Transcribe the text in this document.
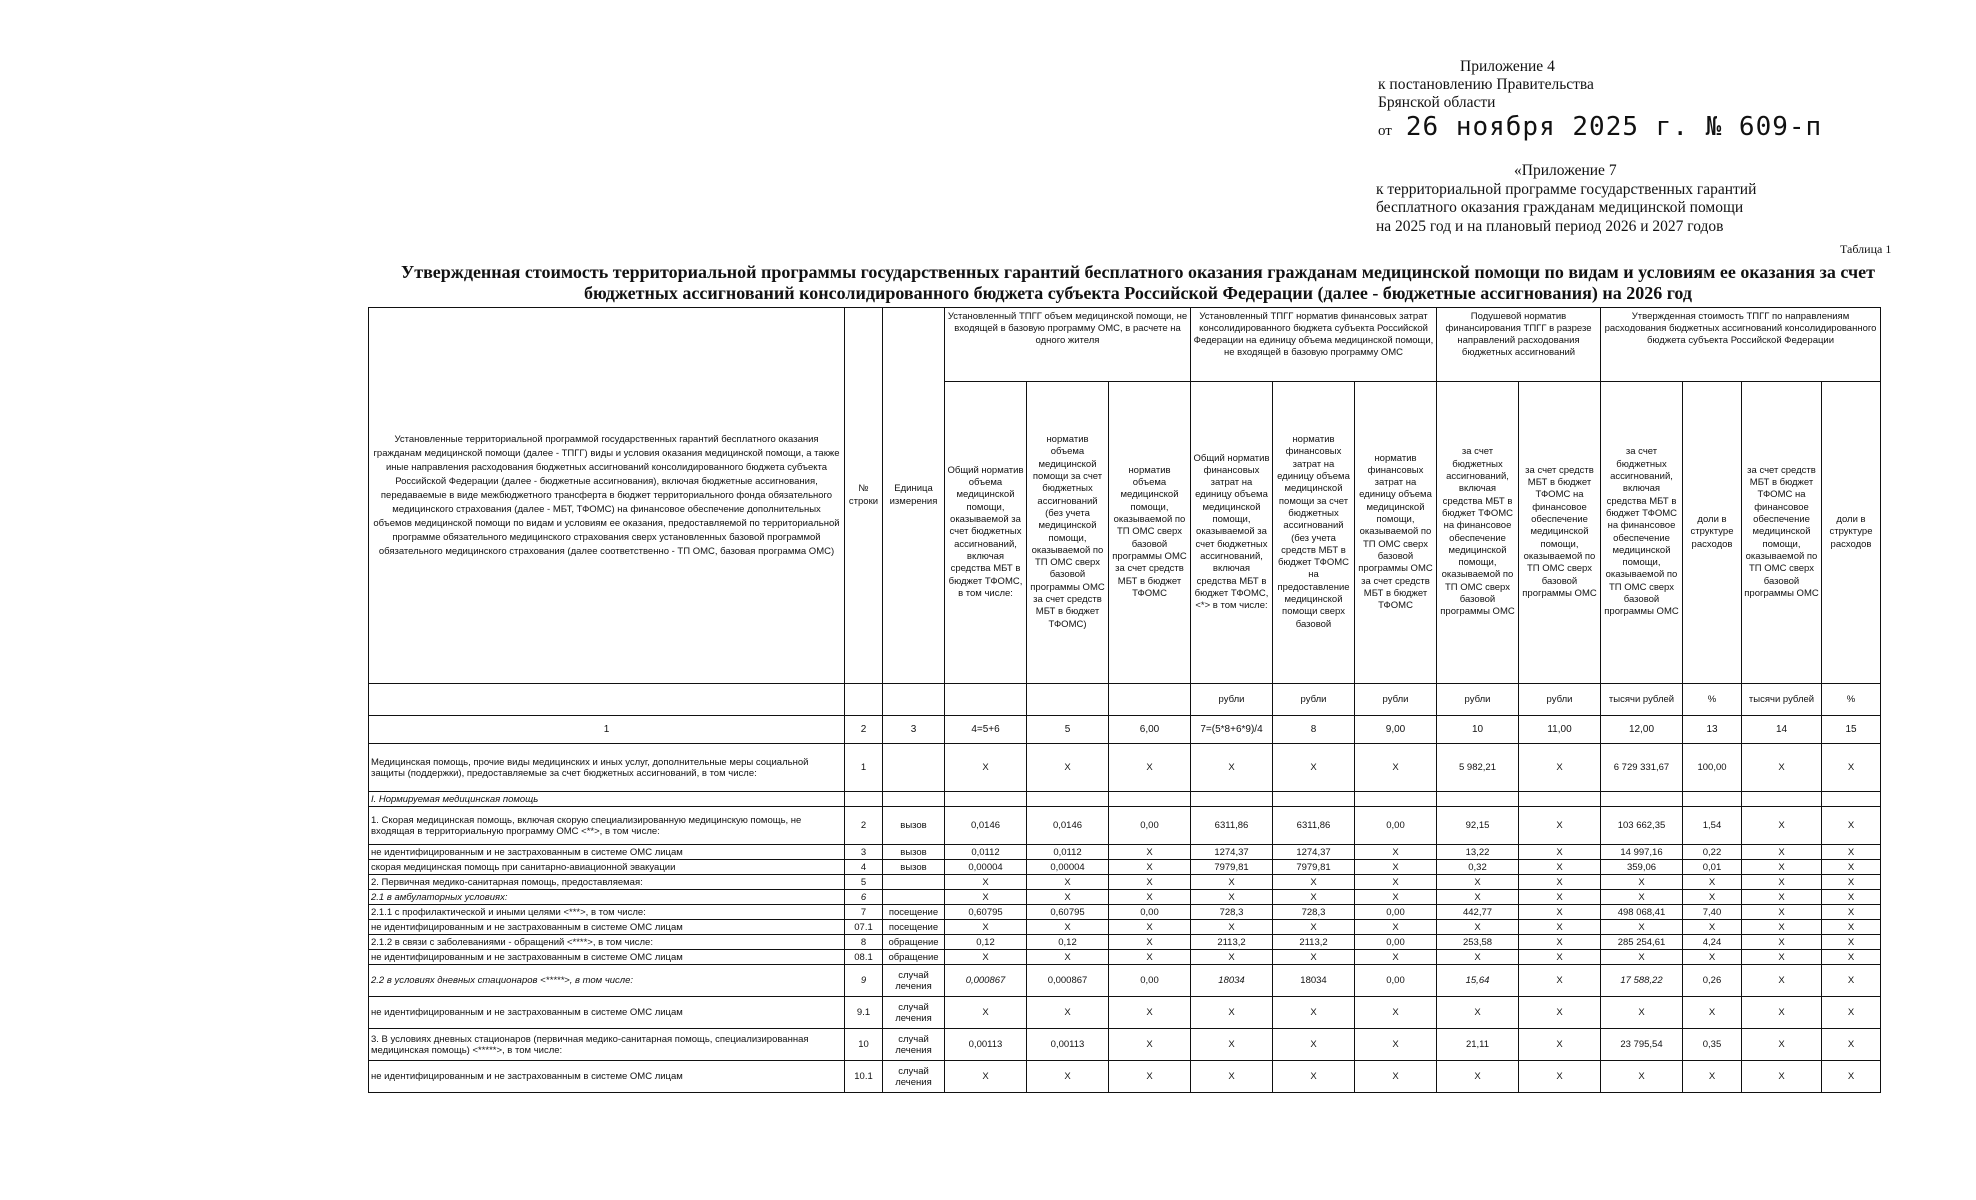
Приложение 4
к постановлению Правительства
Брянской области
от 26 ноября 2025 г. № 609-п
«Приложение 7
к территориальной программе государственных гарантий
бесплатного оказания гражданам медицинской помощи
на 2025 год и на плановый период 2026 и 2027 годов
Таблица 1
Утвержденная стоимость территориальной программы государственных гарантий бесплатного оказания гражданам медицинской помощи по видам и условиям ее оказания за счет
бюджетных ассигнований консолидированного бюджета субъекта Российской Федерации (далее - бюджетные ассигнования) на 2026 год
Установленные территориальной программой государственных гарантий бесплатного оказания гражданам медицинской помощи (далее - ТПГГ) виды и условия оказания медицинской помощи, а также иные направления расходования бюджетных ассигнований консолидированного бюджета субъекта Российской Федерации (далее - бюджетные ассигнования), включая бюджетные ассигнования, передаваемые в виде межбюджетного трансферта в бюджет территориального фонда обязательного медицинского страхования (далее - МБТ, ТФОМС) на финансовое обеспечение дополнительных объемов медицинской помощи по видам и условиям ее оказания, предоставляемой по территориальной программе обязательного медицинского страхования сверх установленных базовой программой обязательного медицинского страхования (далее соответственно - ТП ОМС, базовая программа ОМС)	№ строки	Единица измерения	Установленный ТПГГ объем медицинской помощи, не входящей в базовую программу ОМС, в расчете на одного жителя			Установленный ТПГГ норматив финансовых затрат консолидированного бюджета субъекта Российской Федерации на единицу объема медицинской помощи, не входящей в базовую программу ОМС			Подушевой норматив финансирования ТПГГ в разрезе направлений расходования бюджетных ассигнований		Утвержденная стоимость ТПГГ по направлениям расходования бюджетных ассигнований консолидированного бюджета субъекта Российской Федерации			
			Общий норматив объема медицинской помощи, оказываемой за счет бюджетных ассигнований, включая средства МБТ в бюджет ТФОМС, в том числе:	норматив объема медицинской помощи за счет бюджетных ассигнований (без учета медицинской помощи, оказываемой по ТП ОМС сверх базовой программы ОМС за счет средств МБТ в бюджет ТФОМС)	норматив объема медицинской помощи, оказываемой по ТП ОМС сверх базовой программы ОМС за счет средств МБТ в бюджет ТФОМС	Общий норматив финансовых затрат на единицу объема медицинской помощи, оказываемой за счет бюджетных ассигнований, включая средства МБТ в бюджет ТФОМС, <*> в том числе:	норматив финансовых затрат на единицу объема медицинской помощи за счет бюджетных ассигнований (без учета средств МБТ в бюджет ТФОМС на предоставление медицинской помощи сверх базовой	норматив финансовых затрат на единицу объема медицинской помощи, оказываемой по ТП ОМС сверх базовой программы ОМС за счет средств МБТ в бюджет ТФОМС	за счет бюджетных ассигнований, включая средства МБТ в бюджет ТФОМС на финансовое обеспечение медицинской помощи, оказываемой по ТП ОМС сверх базовой программы ОМС	за счет средств МБТ в бюджет ТФОМС на финансовое обеспечение медицинской помощи, оказываемой по ТП ОМС сверх базовой программы ОМС	за счет бюджетных ассигнований, включая средства МБТ в бюджет ТФОМС на финансовое обеспечение медицинской помощи, оказываемой по ТП ОМС сверх базовой программы ОМС	доли в структуре расходов	за счет средств МБТ в бюджет ТФОМС на финансовое обеспечение медицинской помощи, оказываемой по ТП ОМС сверх базовой программы ОМС	доли в структуре расходов
						рубли	рубли	рубли	рубли	рубли	тысячи рублей	%	тысячи рублей	%
1	2	3	4=5+6	5	6,00	7=(5*8+6*9)/4	8	9,00	10	11,00	12,00	13	14	15
Медицинская помощь, прочие виды медицинских и иных услуг, дополнительные меры социальной защиты (поддержки), предоставляемые за счет бюджетных ассигнований, в том числе:	1		X	X	X	X	X	X	5 982,21	X	6 729 331,67	100,00	X	X
I. Нормируемая медицинская помощь														
1. Скорая медицинская помощь, включая скорую специализированную медицинскую помощь, не входящая в территориальную программу ОМС <**>, в том числе:	2	вызов	0,0146	0,0146	0,00	6311,86	6311,86	0,00	92,15	X	103 662,35	1,54	X	X
не идентифицированным и не застрахованным в системе ОМС лицам	3	вызов	0,0112	0,0112	X	1274,37	1274,37	X	13,22	X	14 997,16	0,22	X	X
скорая медицинская помощь при санитарно-авиационной эвакуации	4	вызов	0,00004	0,00004	X	7979,81	7979,81	X	0,32	X	359,06	0,01	X	X
2. Первичная медико-санитарная помощь, предоставляемая:	5		X	X	X	X	X	X	X	X	X	X	X	X
2.1 в амбулаторных условиях:	6		X	X	X	X	X	X	X	X	X	X	X	X
2.1.1 с профилактической и иными целями <***>, в том числе:	7	посещение	0,60795	0,60795	0,00	728,3	728,3	0,00	442,77	X	498 068,41	7,40	X	X
не идентифицированным и не застрахованным в системе ОМС лицам	07.1	посещение	X	X	X	X	X	X	X	X	X	X	X	X
2.1.2 в связи с заболеваниями - обращений <****>, в том числе:	8	обращение	0,12	0,12	X	2113,2	2113,2	0,00	253,58	X	285 254,61	4,24	X	X
не идентифицированным и не застрахованным в системе ОМС лицам	08.1	обращение	X	X	X	X	X	X	X	X	X	X	X	X
2.2 в условиях дневных стационаров <*****>, в том числе:	9	случай лечения	0,000867	0,000867	0,00	18034	18034	0,00	15,64	X	17 588,22	0,26	X	X
не идентифицированным и не застрахованным в системе ОМС лицам	9.1	случай лечения	X	X	X	X	X	X	X	X	X	X	X	X
3. В условиях дневных стационаров (первичная медико-санитарная помощь, специализированная медицинская помощь) <*****>, в том числе:	10	случай лечения	0,00113	0,00113	X	X	X	X	21,11	X	23 795,54	0,35	X	X
не идентифицированным и не застрахованным в системе ОМС лицам	10.1	случай лечения	X	X	X	X	X	X	X	X	X	X	X	X
